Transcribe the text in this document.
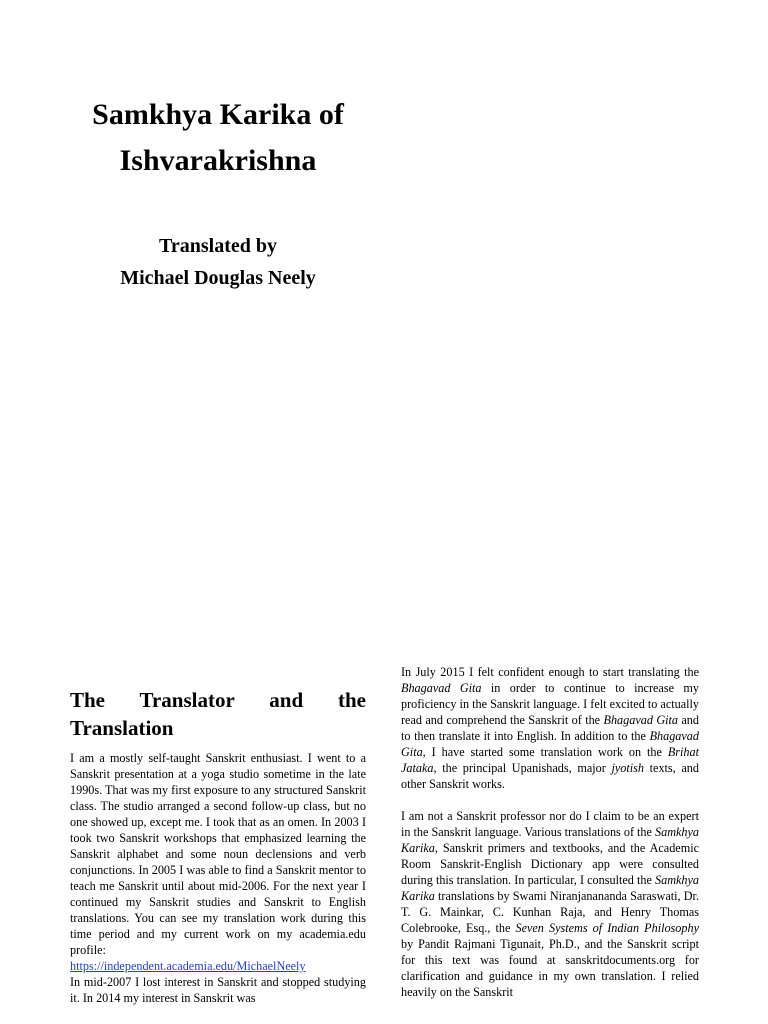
Samkhya Karika of
Ishvarakrishna
Translated by
Michael Douglas Neely
The Translator and the
Translation

I am a mostly self-taught Sanskrit enthusiast. I went to a Sanskrit presentation at a yoga studio sometime in the late 1990s. That was my first exposure to any structured Sanskrit class. The studio arranged a second follow-up class, but no one showed up, except me. I took that as an omen. In 2003 I took two Sanskrit workshops that emphasized learning the Sanskrit alphabet and some noun declensions and verb conjunctions. In 2005 I was able to find a Sanskrit mentor to teach me Sanskrit until about mid-2006. For the next year I continued my Sanskrit studies and Sanskrit to English translations. You can see my translation work during this time period and my current work on my academia.edu profile:

https://independent.academia.edu/MichaelNeely

In mid-2007 I lost interest in Sanskrit and stopped studying it. In 2014 my interest in Sanskrit was

In July 2015 I felt confident enough to start translating the Bhagavad Gita in order to continue to increase my proficiency in the Sanskrit language. I felt excited to actually read and comprehend the Sanskrit of the Bhagavad Gita and to then translate it into English. In addition to the Bhagavad Gita, I have started some translation work on the Brihat Jataka, the principal Upanishads, major jyotish texts, and other Sanskrit works.

I am not a Sanskrit professor nor do I claim to be an expert in the Sanskrit language. Various translations of the Samkhya Karika, Sanskrit primers and textbooks, and the Academic Room Sanskrit-English Dictionary app were consulted during this translation. In particular, I consulted the Samkhya Karika translations by Swami Niranjanananda Saraswati, Dr. T. G. Mainkar, C. Kunhan Raja, and Henry Thomas Colebrooke, Esq., the Seven Systems of Indian Philosophy by Pandit Rajmani Tigunait, Ph.D., and the Sanskrit script for this text was found at sanskritdocuments.org for clarification and guidance in my own translation. I relied heavily on the Sanskrit
